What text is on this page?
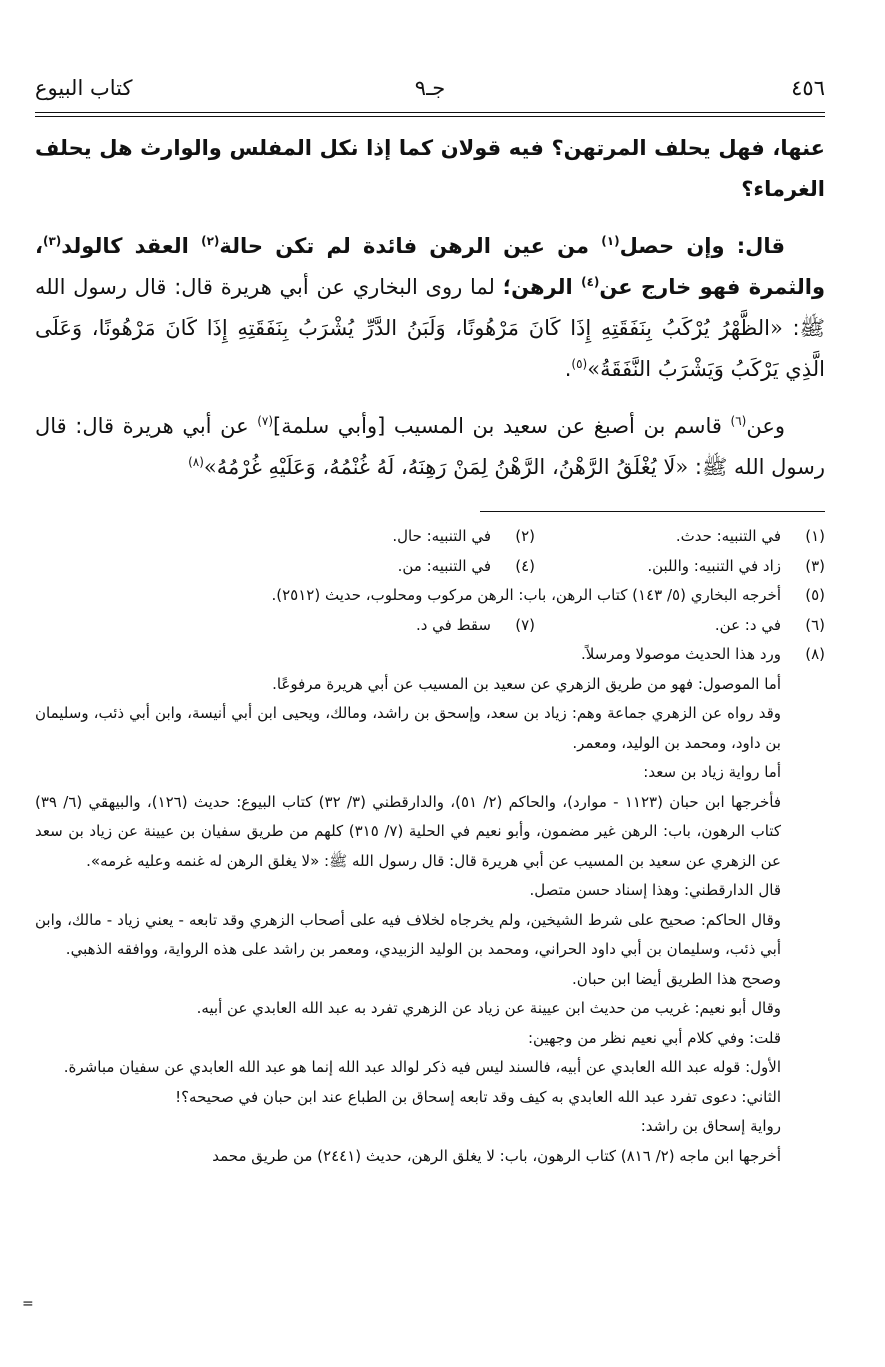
كتاب البيوع	جـ٩	٤٥٦

عنها، فهل يحلف المرتهن؟ فيه قولان كما إذا نكل المفلس والوارث هل يحلف الغرماء؟

قال: وإن حصل$^{(١)}$ من عين الرهن فائدة لم تكن حالة$^{(٢)}$ العقد كالولد$^{(٣)}$، والثمرة فهو خارج عن$^{(٤)}$ الرهن؛ لما روى البخاري عن أبي هريرة قال: قال رسول الله ﷺ: «الظَّهْرُ يُرْكَبُ بِنَفَقَتِهِ إِذَا كَانَ مَرْهُونًا، وَلَبَنُ الدَّرِّ يُشْرَبُ بِنَفَقَتِهِ إِذَا كَانَ مَرْهُونًا، وَعَلَى الَّذِي يَرْكَبُ وَيَشْرَبُ النَّفَقَةُ»$^{(٥)}$.

وعن$^{(٦)}$ قاسم بن أصبغ عن سعيد بن المسيب [وأبي سلمة]$^{(٧)}$ عن أبي هريرة قال: قال رسول الله ﷺ: «لَا يُغْلَقُ الرَّهْنُ، الرَّهْنُ لِمَنْ رَهِنَهُ، لَهُ غُنْمُهُ، وَعَلَيْهِ غُرْمُهُ»$^{(٨)}$

(١)
في التنبيه: حدث.
(٢)
في التنبيه: حال.
(٣)
زاد في التنبيه: واللبن.
(٤)
في التنبيه: من.
(٥)
أخرجه البخاري (٥/ ١٤٣) كتاب الرهن، باب: الرهن مركوب ومحلوب، حديث (٢٥١٢).
(٦)
في د: عن.
(٧)
سقط في د.
(٨)
ورد هذا الحديث موصولا ومرسلاً.
أما الموصول: فهو من طريق الزهري عن سعيد بن المسيب عن أبي هريرة مرفوعًا.
وقد رواه عن الزهري جماعة وهم: زياد بن سعد، وإسحق بن راشد، ومالك، ويحيى ابن أبي أنيسة، وابن أبي ذئب، وسليمان بن داود، ومحمد بن الوليد، ومعمر.
أما رواية زياد بن سعد:
فأخرجها ابن حبان (١١٢٣ - موارد)، والحاكم (٢/ ٥١)، والدارقطني (٣/ ٣٢) كتاب البيوع: حديث (١٢٦)، والبيهقي (٦/ ٣٩) كتاب الرهون، باب: الرهن غير مضمون، وأبو نعيم في الحلية (٧/ ٣١٥) كلهم من طريق سفيان بن عيينة عن زياد بن سعد عن الزهري عن سعيد بن المسيب عن أبي هريرة قال: قال رسول الله ﷺ: «لا يغلق الرهن له غنمه وعليه غرمه».
قال الدارقطني: وهذا إسناد حسن متصل.
وقال الحاكم: صحيح على شرط الشيخين، ولم يخرجاه لخلاف فيه على أصحاب الزهري وقد تابعه - يعني زياد - مالك، وابن أبي ذئب، وسليمان بن أبي داود الحراني، ومحمد بن الوليد الزبيدي، ومعمر بن راشد على هذه الرواية، ووافقه الذهبي.
وصحح هذا الطريق أيضا ابن حبان.
وقال أبو نعيم: غريب من حديث ابن عيينة عن زياد عن الزهري تفرد به عبد الله العابدي عن أبيه.
قلت: وفي كلام أبي نعيم نظر من وجهين:
الأول: قوله عبد الله العابدي عن أبيه، فالسند ليس فيه ذكر لوالد عبد الله إنما هو عبد الله العابدي عن سفيان مباشرة.
الثاني: دعوى تفرد عبد الله العابدي به كيف وقد تابعه إسحاق بن الطباع عند ابن حبان في صحيحه؟!
رواية إسحاق بن راشد:
أخرجها ابن ماجه (٢/ ٨١٦) كتاب الرهون، باب: لا يغلق الرهن، حديث (٢٤٤١) من طريق محمد
=
